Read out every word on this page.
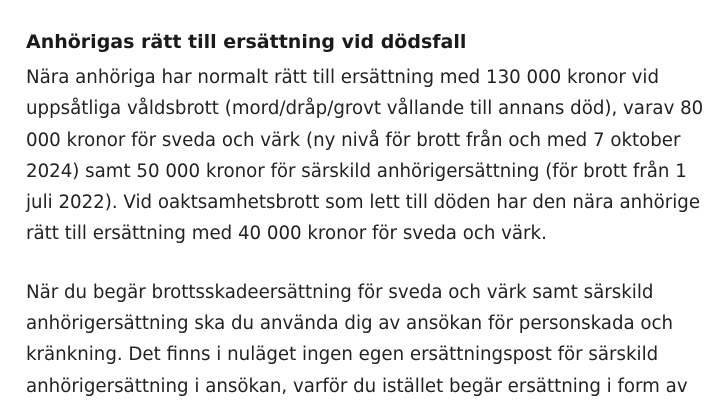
Anhörigas rätt till ersättning vid dödsfall

Nära anhöriga har normalt rätt till ersättning med 130 000 kronor vid
uppsåtliga våldsbrott (mord/dråp/grovt vållande till annans död), varav 80
000 kronor för sveda och värk (ny nivå för brott från och med 7 oktober
2024) samt 50 000 kronor för särskild anhörigersättning (för brott från 1
juli 2022). Vid oaktsamhetsbrott som lett till döden har den nära anhörige
rätt till ersättning med 40 000 kronor för sveda och värk.

När du begär brottsskadeersättning för sveda och värk samt särskild
anhörigersättning ska du använda dig av ansökan för personskada och
kränkning. Det finns i nuläget ingen egen ersättningspost för särskild
anhörigersättning i ansökan, varför du istället begär ersättning i form av
